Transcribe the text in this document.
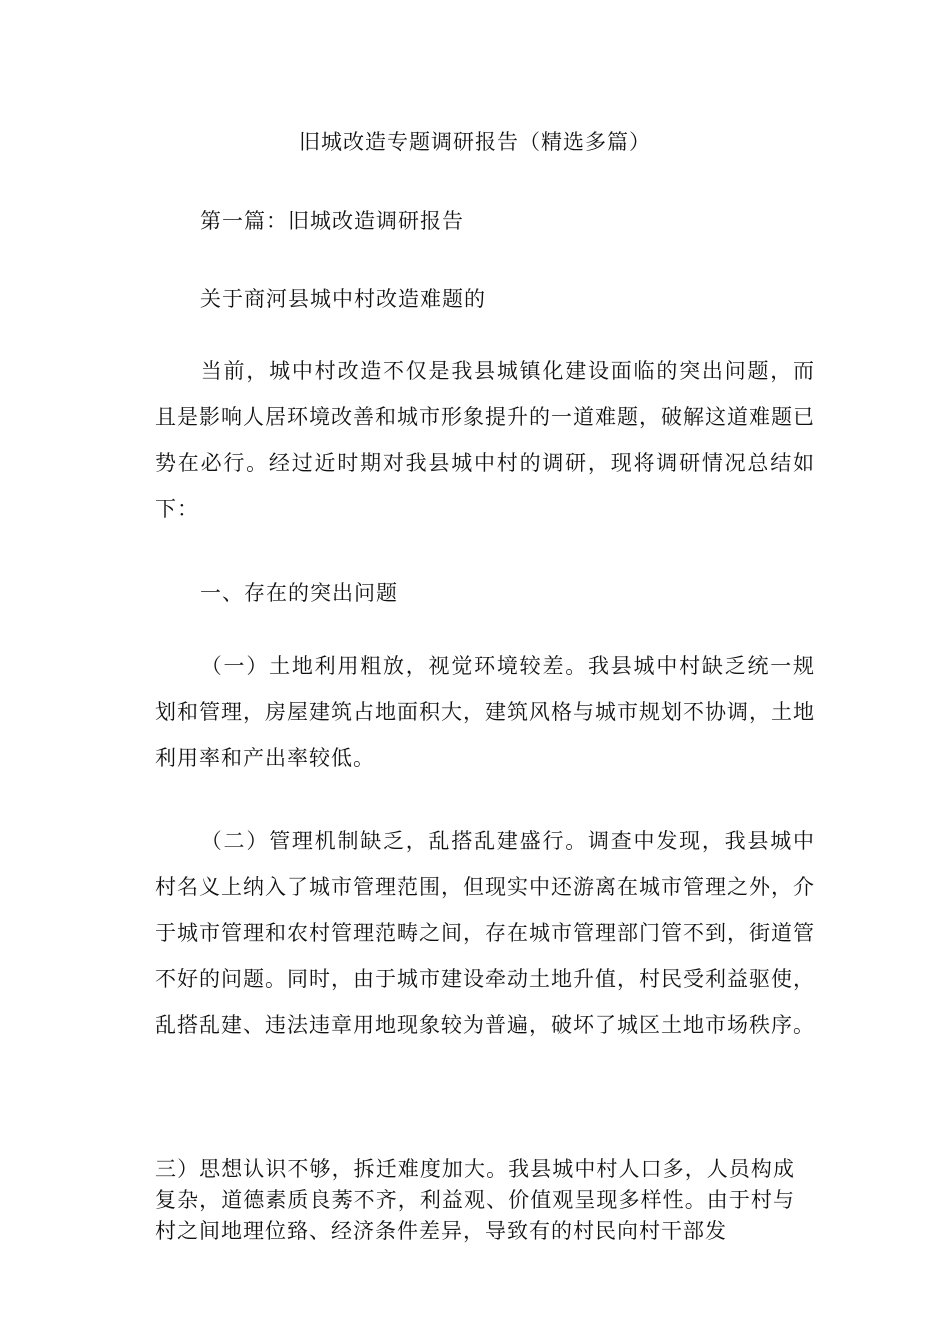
旧城改造专题调研报告（精选多篇）
第一篇：旧城改造调研报告
关于商河县城中村改造难题的
当前，城中村改造不仅是我县城镇化建设面临的突出问题，而且是影响人居环境改善和城市形象提升的一道难题，破解这道难题已势在必行。经过近时期对我县城中村的调研，现将调研情况总结如下：
一、存在的突出问题
（一）土地利用粗放，视觉环境较差。我县城中村缺乏统一规划和管理，房屋建筑占地面积大，建筑风格与城市规划不协调，土地利用率和产出率较低。
（二）管理机制缺乏，乱搭乱建盛行。调查中发现，我县城中村名义上纳入了城市管理范围，但现实中还游离在城市管理之外，介于城市管理和农村管理范畴之间，存在城市管理部门管不到，街道管不好的问题。同时，由于城市建设牵动土地升值，村民受利益驱使，乱搭乱建、违法违章用地现象较为普遍，破坏了城区土地市场秩序。
三）思想认识不够，拆迁难度加大。我县城中村人口多，人员构成复杂，道德素质良莠不齐，利益观、价值观呈现多样性。由于村与村之间地理位臵、经济条件差异，导致有的村民向村干部发
